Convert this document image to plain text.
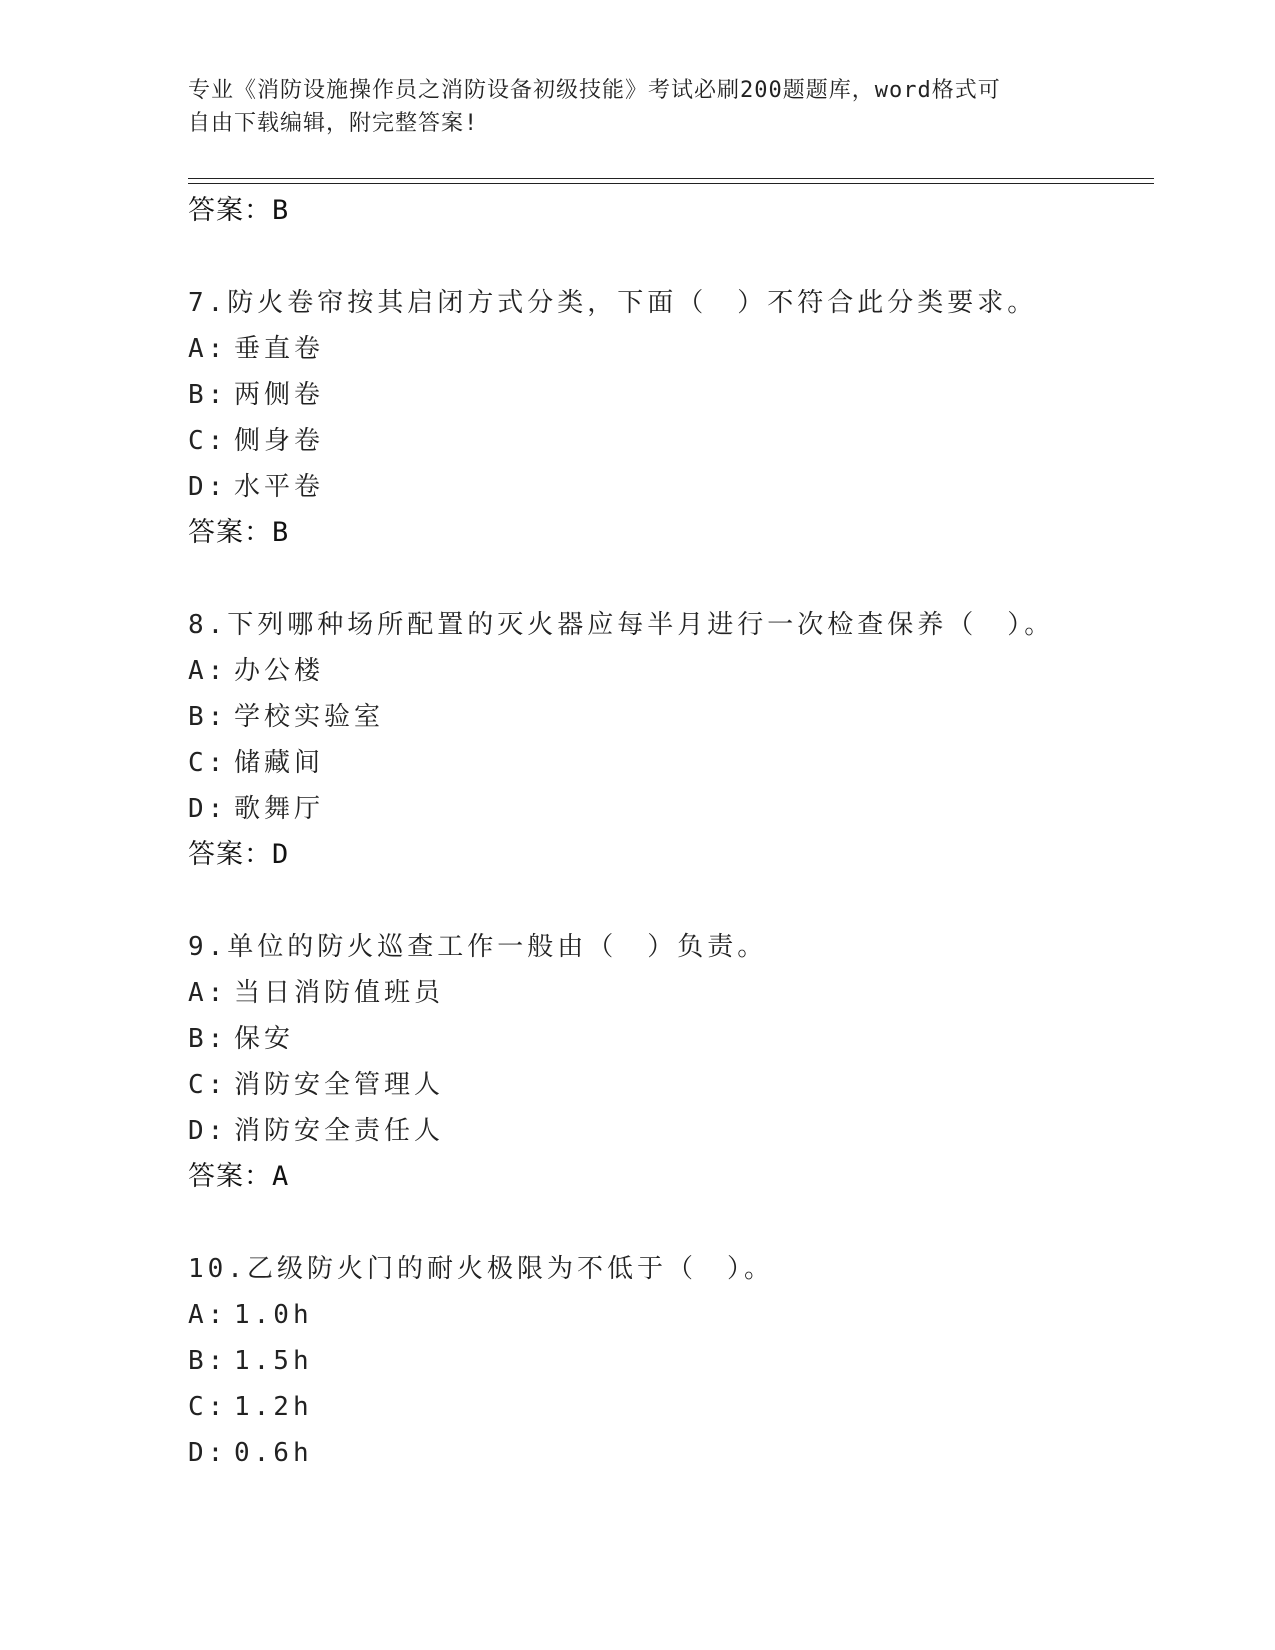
专业《消防设施操作员之消防设备初级技能》考试必刷200题题库，word格式可
自由下载编辑，附完整答案!
答案：B
7.防火卷帘按其启闭方式分类，下面（　）不符合此分类要求。
A: 垂直卷
B: 两侧卷
C: 侧身卷
D: 水平卷
答案：B
8.下列哪种场所配置的灭火器应每半月进行一次检查保养（　）。
A: 办公楼
B: 学校实验室
C: 储藏间
D: 歌舞厅
答案：D
9.单位的防火巡查工作一般由（　）负责。
A: 当日消防值班员
B: 保安
C: 消防安全管理人
D: 消防安全责任人
答案：A
10.乙级防火门的耐火极限为不低于（　）。
A: 1.0h
B: 1.5h
C: 1.2h
D: 0.6h
